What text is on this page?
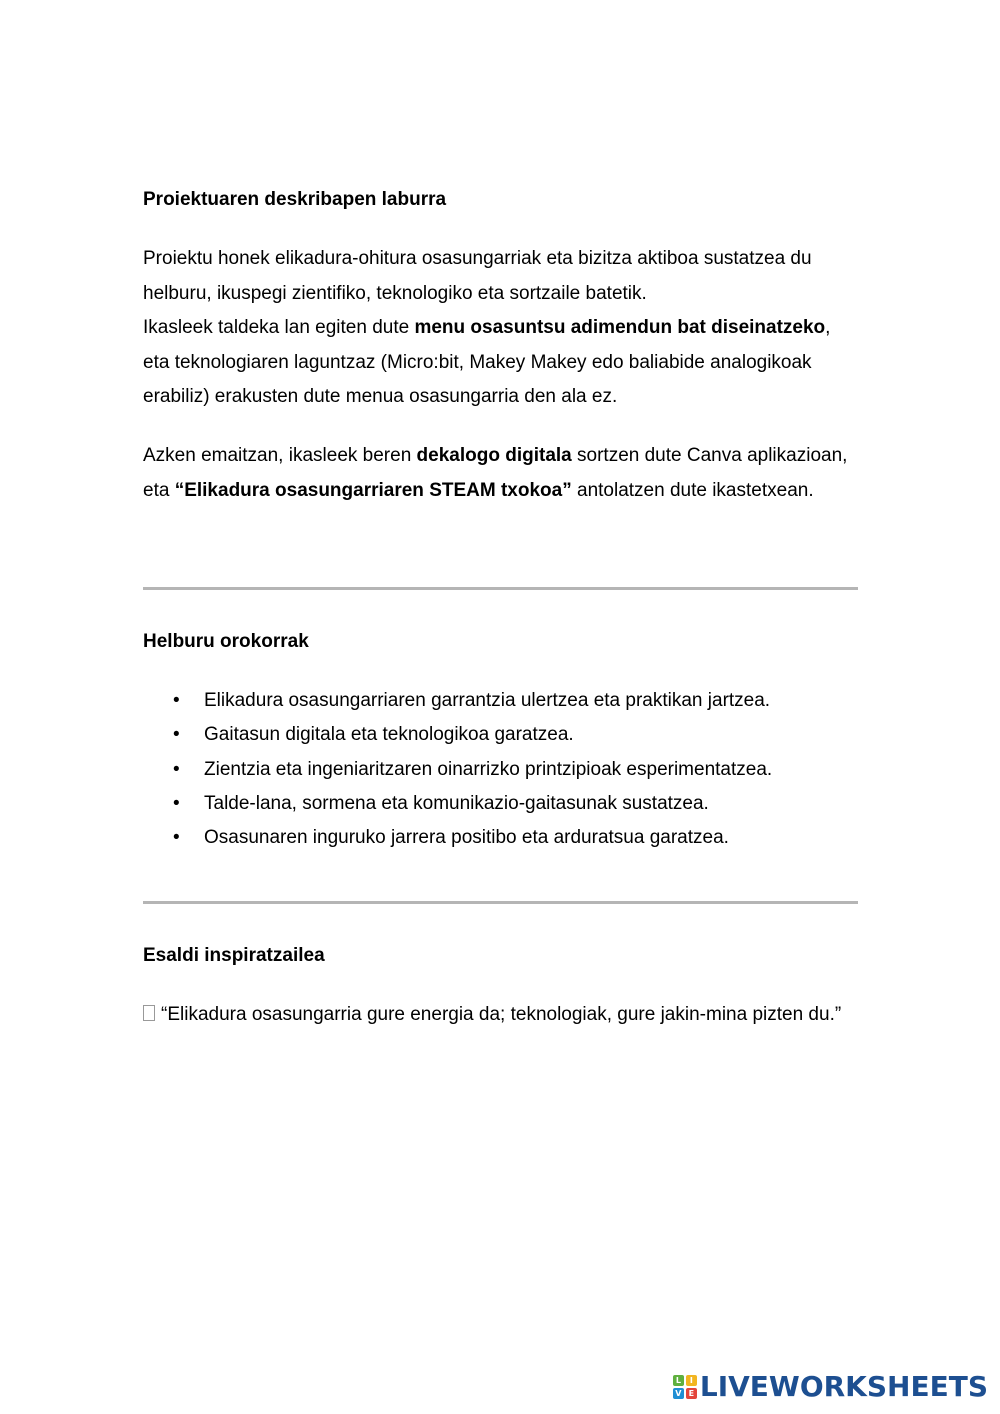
Proiektuaren deskribapen laburra

Proiektu honek elikadura-ohitura osasungarriak eta bizitza aktiboa sustatzea du helburu, ikuspegi zientifiko, teknologiko eta sortzaile batetik.
Ikasleek taldeka lan egiten dute menu osasuntsu adimendun bat diseinatzeko, eta teknologiaren laguntzaz (Micro:bit, Makey Makey edo baliabide analogikoak erabiliz) erakusten dute menua osasungarria den ala ez.

Azken emaitzan, ikasleek beren dekalogo digitala sortzen dute Canva aplikazioan, eta “Elikadura osasungarriaren STEAM txokoa” antolatzen dute ikastetxean.

Helburu orokorrak
• Elikadura osasungarriaren garrantzia ulertzea eta praktikan jartzea.
• Gaitasun digitala eta teknologikoa garatzea.
• Zientzia eta ingeniaritzaren oinarrizko printzipioak esperimentatzea.
• Talde-lana, sormena eta komunikazio-gaitasunak sustatzea.
• Osasunaren inguruko jarrera positibo eta arduratsua garatzea.
Esaldi inspiratzailea

“Elikadura osasungarria gure energia da; teknologiak, gure jakin-mina pizten du.”

L	I
V E LIVEWORKSHEETS
